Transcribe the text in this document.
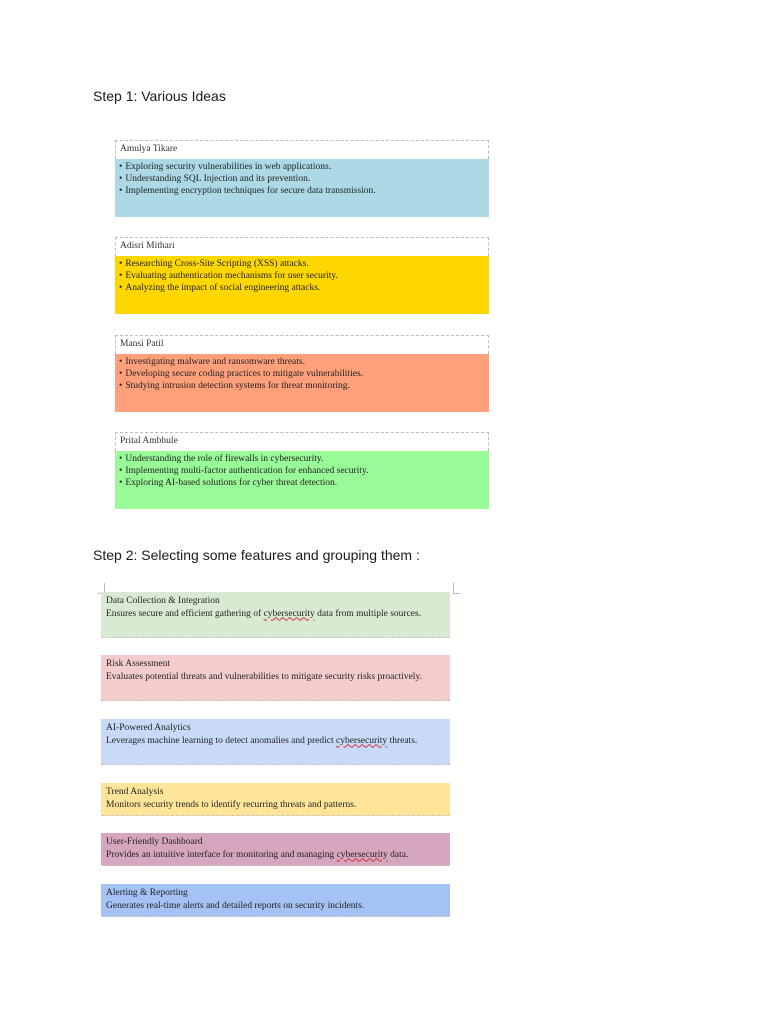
Step 1: Various Ideas
Amulya Tikare
• Exploring security vulnerabilities in web applications.
• Understanding SQL Injection and its prevention.
• Implementing encryption techniques for secure data transmission.
Adisri Mithari
• Researching Cross-Site Scripting (XSS) attacks.
• Evaluating authentication mechanisms for user security.
• Analyzing the impact of social engineering attacks.
Mansi Patil
• Investigating malware and ransomware threats.
• Developing secure coding practices to mitigate vulnerabilities.
• Studying intrusion detection systems for threat monitoring.
Prital Ambhule
• Understanding the role of firewalls in cybersecurity.
• Implementing multi-factor authentication for enhanced security.
• Exploring AI-based solutions for cyber threat detection.
Step 2: Selecting some features and grouping them :
Data Collection & Integration
Ensures secure and efficient gathering of cybersecurity data from multiple sources.
Risk Assessment
Evaluates potential threats and vulnerabilities to mitigate security risks proactively.
AI-Powered Analytics
Leverages machine learning to detect anomalies and predict cybersecurity threats.
Trend Analysis
Monitors security trends to identify recurring threats and patterns.
User-Friendly Dashboard
Provides an intuitive interface for monitoring and managing cybersecurity data.
Alerting & Reporting
Generates real-time alerts and detailed reports on security incidents.
